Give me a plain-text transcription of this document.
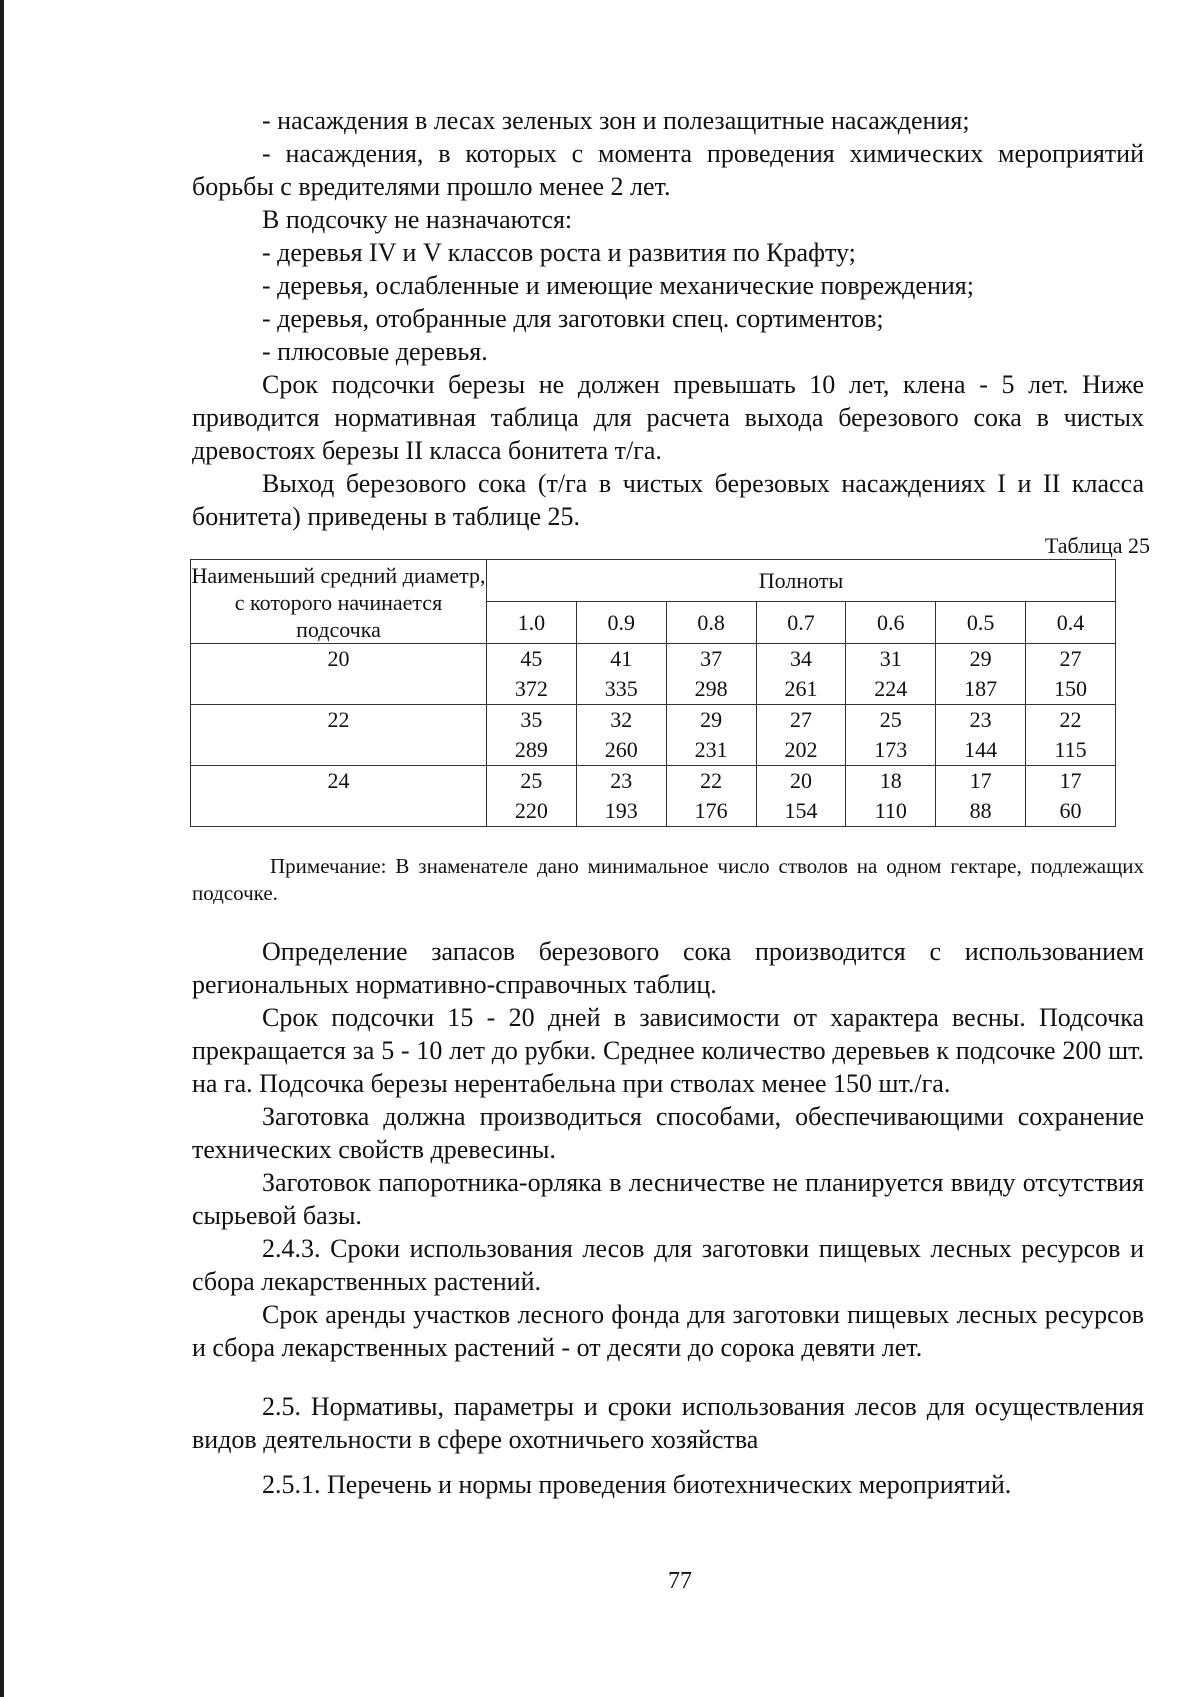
- насаждения в лесах зеленых зон и полезащитные насаждения;

- насаждения, в которых с момента проведения химических мероприятий борьбы с вредителями прошло менее 2 лет.

В подсочку не назначаются:

- деревья IV и V классов роста и развития по Крафту;

- деревья, ослабленные и имеющие механические повреждения;

- деревья, отобранные для заготовки спец. сортиментов;

- плюсовые деревья.

Срок подсочки березы не должен превышать 10 лет, клена - 5 лет. Ниже приводится нормативная таблица для расчета выхода березового сока в чистых древостоях березы II класса бонитета т/га.

Выход березового сока (т/га в чистых березовых насаждениях I и II класса бонитета) приведены в таблице 25.

Таблица 25
Наименьший средний диаметр, с которого начинается подсочка	Полноты						
	1.0	0.9	0.8	0.7	0.6	0.5	0.4
20	45	41	37	34	31	29	27
	372	335	298	261	224	187	150
22	35	32	29	27	25	23	22
	289	260	231	202	173	144	115
24	25	23	22	20	18	17	17
	220	193	176	154	110	88	60
Примечание: В знаменателе дано минимальное число стволов на одном гектаре, подлежащих подсочке.

Определение запасов березового сока производится с использованием региональных нормативно-справочных таблиц.

Срок подсочки 15 - 20 дней в зависимости от характера весны. Подсочка прекращается за 5 - 10 лет до рубки. Среднее количество деревьев к подсочке 200 шт. на га. Подсочка березы нерентабельна при стволах менее 150 шт./га.

Заготовка должна производиться способами, обеспечивающими сохранение технических свойств древесины.

Заготовок папоротника-орляка в лесничестве не планируется ввиду отсутствия сырьевой базы.

2.4.3. Сроки использования лесов для заготовки пищевых лесных ресурсов и сбора лекарственных растений.

Срок аренды участков лесного фонда для заготовки пищевых лесных ресурсов и сбора лекарственных растений - от десяти до сорока девяти лет.

2.5. Нормативы, параметры и сроки использования лесов для осуществления видов деятельности в сфере охотничьего хозяйства

2.5.1. Перечень и нормы проведения биотехнических мероприятий.

77
